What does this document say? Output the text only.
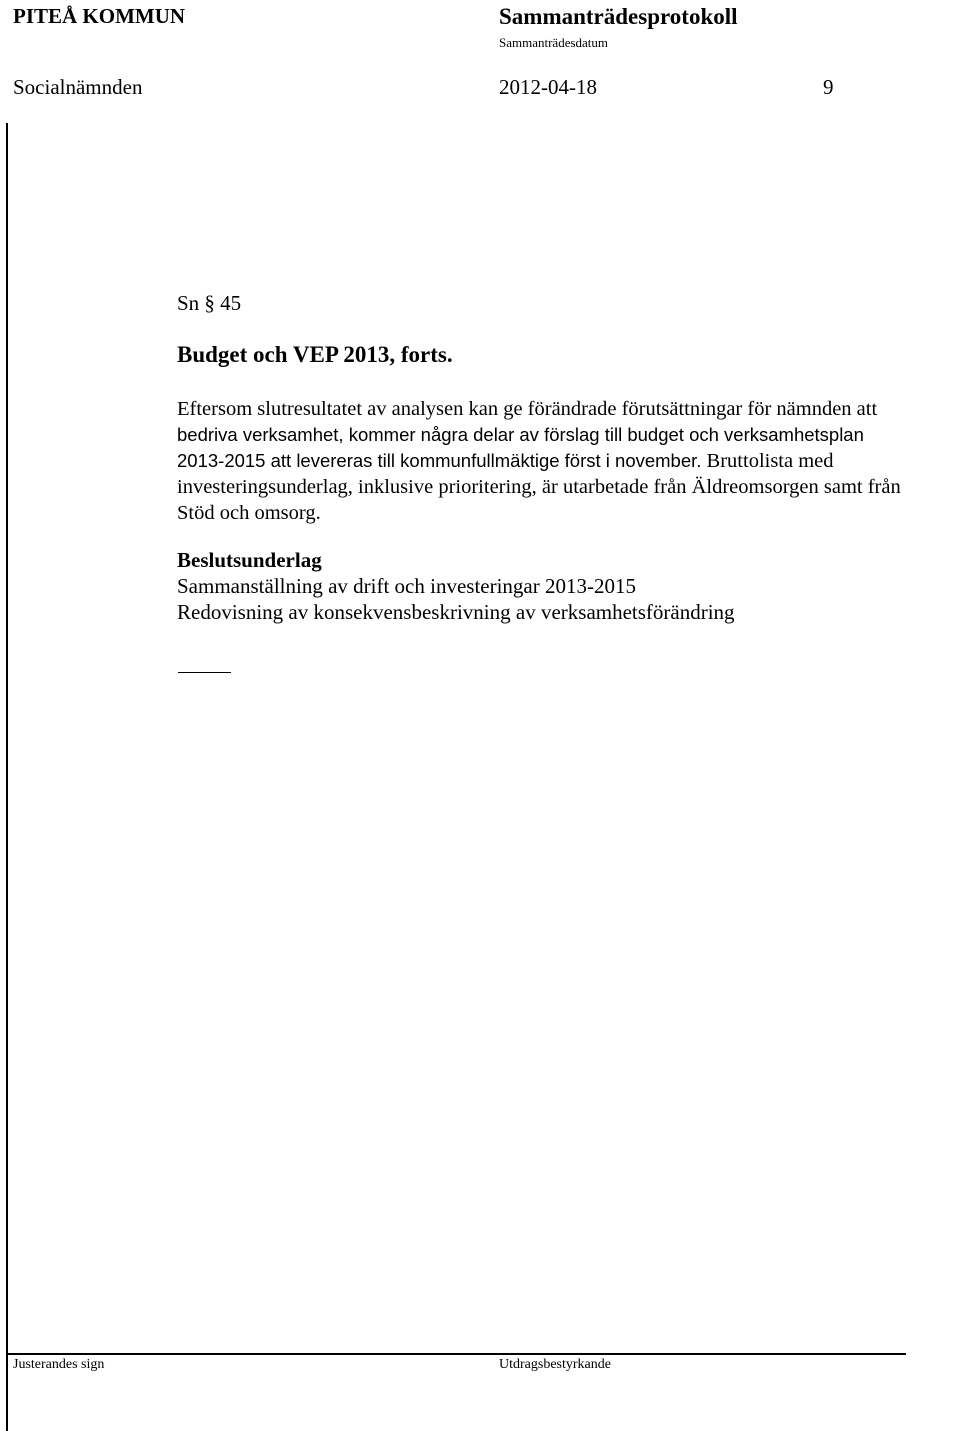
PITEÅ KOMMUN	Sammanträdesprotokoll
Sammanträdesdatum
Socialnämnden	2012-04-18	9
Sn § 45
Budget och VEP 2013, forts.
Eftersom slutresultatet av analysen kan ge förändrade förutsättningar för nämnden att
bedriva verksamhet, kommer några delar av förslag till budget och verksamhetsplan
2013-2015 att levereras till kommunfullmäktige först i november. Bruttolista med
investeringsunderlag, inklusive prioritering, är utarbetade från Äldreomsorgen samt från
Stöd och omsorg.
Beslutsunderlag
Sammanställning av drift och investeringar 2013-2015
Redovisning av konsekvensbeskrivning av verksamhetsförändring
Justerandes sign	Utdragsbestyrkande
